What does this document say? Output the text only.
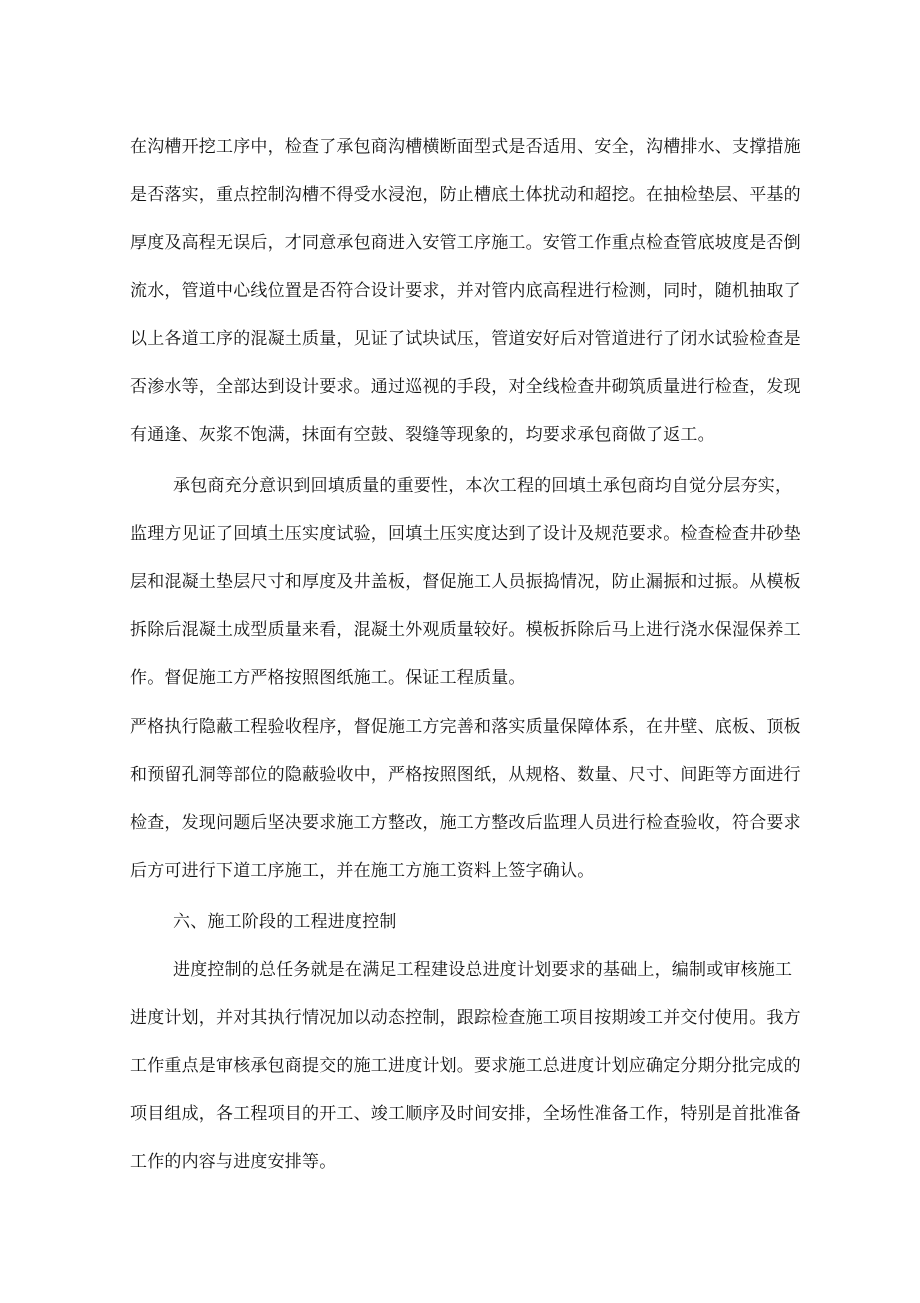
在沟槽开挖工序中，检查了承包商沟槽横断面型式是否适用、安全，沟槽排水、支撑措施
是否落实，重点控制沟槽不得受水浸泡，防止槽底土体扰动和超挖。在抽检垫层、平基的
厚度及高程无误后，才同意承包商进入安管工序施工。安管工作重点检查管底坡度是否倒
流水，管道中心线位置是否符合设计要求，并对管内底高程进行检测，同时，随机抽取了
以上各道工序的混凝土质量，见证了试块试压，管道安好后对管道进行了闭水试验检查是
否渗水等，全部达到设计要求。通过巡视的手段，对全线检查井砌筑质量进行检查，发现
有通逢、灰浆不饱满，抹面有空鼓、裂缝等现象的，均要求承包商做了返工。
承包商充分意识到回填质量的重要性，本次工程的回填土承包商均自觉分层夯实，
监理方见证了回填土压实度试验，回填土压实度达到了设计及规范要求。检查检查井砂垫
层和混凝土垫层尺寸和厚度及井盖板，督促施工人员振捣情况，防止漏振和过振。从模板
拆除后混凝土成型质量来看，混凝土外观质量较好。模板拆除后马上进行浇水保湿保养工
作。督促施工方严格按照图纸施工。保证工程质量。
严格执行隐蔽工程验收程序，督促施工方完善和落实质量保障体系，在井壁、底板、顶板
和预留孔洞等部位的隐蔽验收中，严格按照图纸，从规格、数量、尺寸、间距等方面进行
检查，发现问题后坚决要求施工方整改，施工方整改后监理人员进行检查验收，符合要求
后方可进行下道工序施工，并在施工方施工资料上签字确认。
六、施工阶段的工程进度控制
进度控制的总任务就是在满足工程建设总进度计划要求的基础上，编制或审核施工
进度计划，并对其执行情况加以动态控制，跟踪检查施工项目按期竣工并交付使用。我方
工作重点是审核承包商提交的施工进度计划。要求施工总进度计划应确定分期分批完成的
项目组成，各工程项目的开工、竣工顺序及时间安排，全场性准备工作，特别是首批准备
工作的内容与进度安排等。
